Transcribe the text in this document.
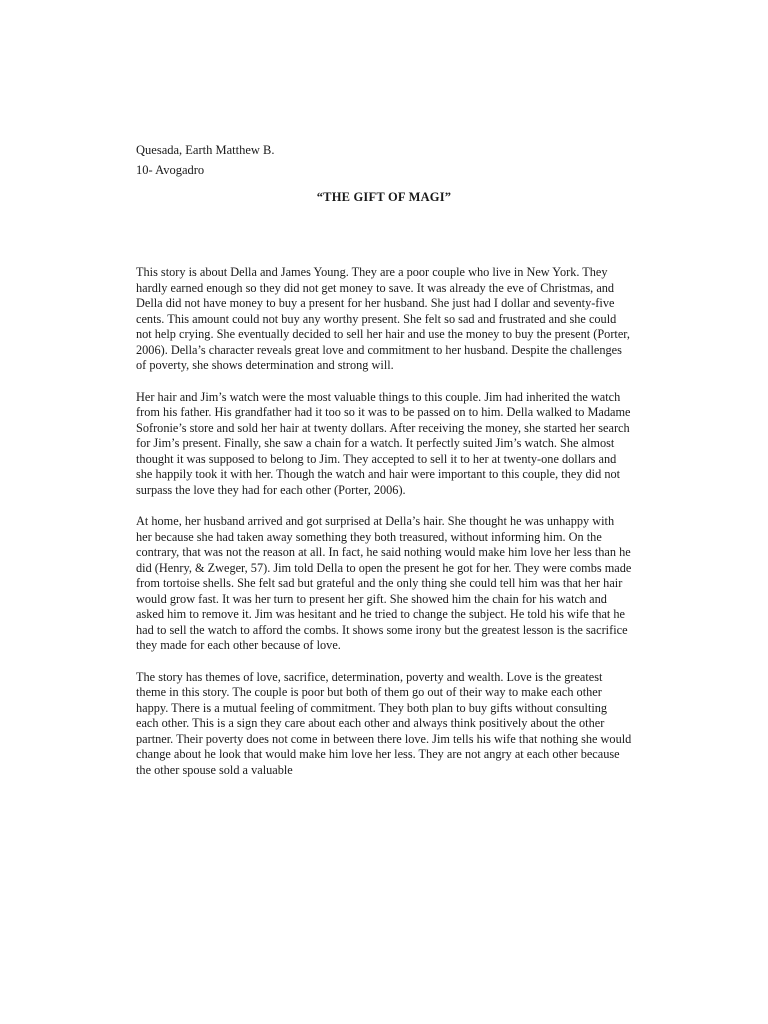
Quesada, Earth Matthew B.
10- Avogadro
“THE GIFT OF MAGI”

This story is about Della and James Young. They are a poor couple who live in New York. They hardly earned enough so they did not get money to save. It was already the eve of Christmas, and Della did not have money to buy a present for her husband. She just had I dollar and seventy-five cents. This amount could not buy any worthy present. She felt so sad and frustrated and she could not help crying. She eventually decided to sell her hair and use the money to buy the present (Porter, 2006). Della’s character reveals great love and commitment to her husband. Despite the challenges of poverty, she shows determination and strong will.

Her hair and Jim’s watch were the most valuable things to this couple. Jim had inherited the watch from his father. His grandfather had it too so it was to be passed on to him. Della walked to Madame Sofronie’s store and sold her hair at twenty dollars. After receiving the money, she started her search for Jim’s present. Finally, she saw a chain for a watch. It perfectly suited Jim’s watch. She almost thought it was supposed to belong to Jim. They accepted to sell it to her at twenty-one dollars and she happily took it with her. Though the watch and hair were important to this couple, they did not surpass the love they had for each other (Porter, 2006).

At home, her husband arrived and got surprised at Della’s hair. She thought he was unhappy with her because she had taken away something they both treasured, without informing him. On the contrary, that was not the reason at all. In fact, he said nothing would make him love her less than he did (Henry, & Zweger, 57). Jim told Della to open the present he got for her. They were combs made from tortoise shells. She felt sad but grateful and the only thing she could tell him was that her hair would grow fast. It was her turn to present her gift. She showed him the chain for his watch and asked him to remove it. Jim was hesitant and he tried to change the subject. He told his wife that he had to sell the watch to afford the combs. It shows some irony but the greatest lesson is the sacrifice they made for each other because of love.

The story has themes of love, sacrifice, determination, poverty and wealth. Love is the greatest theme in this story. The couple is poor but both of them go out of their way to make each other happy. There is a mutual feeling of commitment. They both plan to buy gifts without consulting each other. This is a sign they care about each other and always think positively about the other partner. Their poverty does not come in between there love. Jim tells his wife that nothing she would change about he look that would make him love her less. They are not angry at each other because the other spouse sold a valuable
